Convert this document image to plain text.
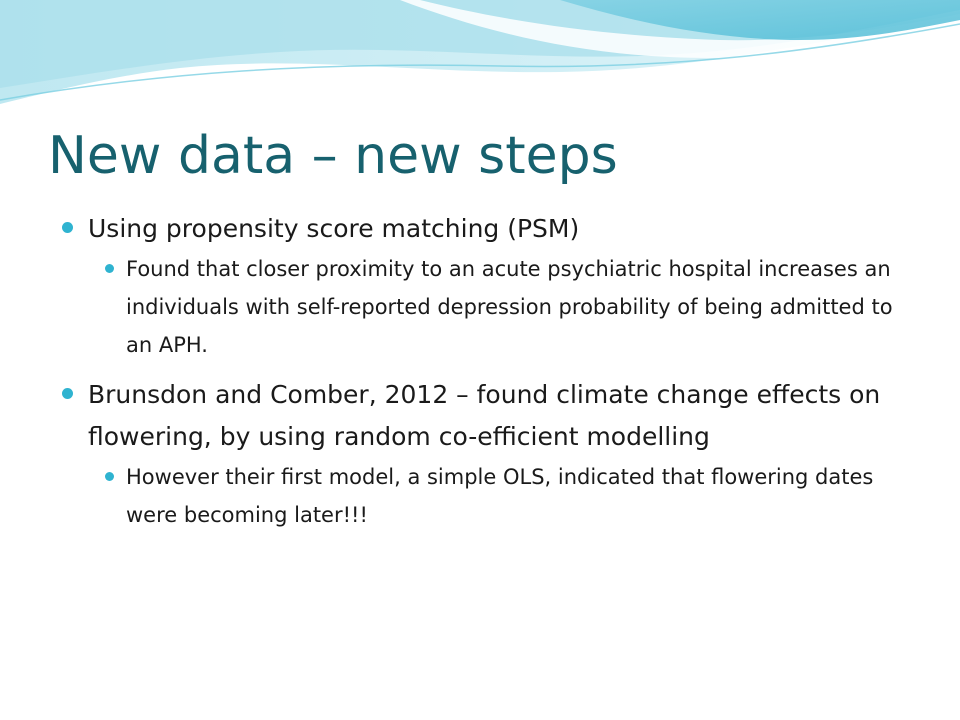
New data – new steps
Using propensity score matching (PSM)
Found that closer proximity to an acute psychiatric hospital increases an individuals with self-reported depression probability of being admitted to an APH.
Brunsdon and Comber, 2012 – found climate change effects on flowering, by using random co-efficient modelling
However their first model, a simple OLS, indicated that flowering dates were becoming later!!!
